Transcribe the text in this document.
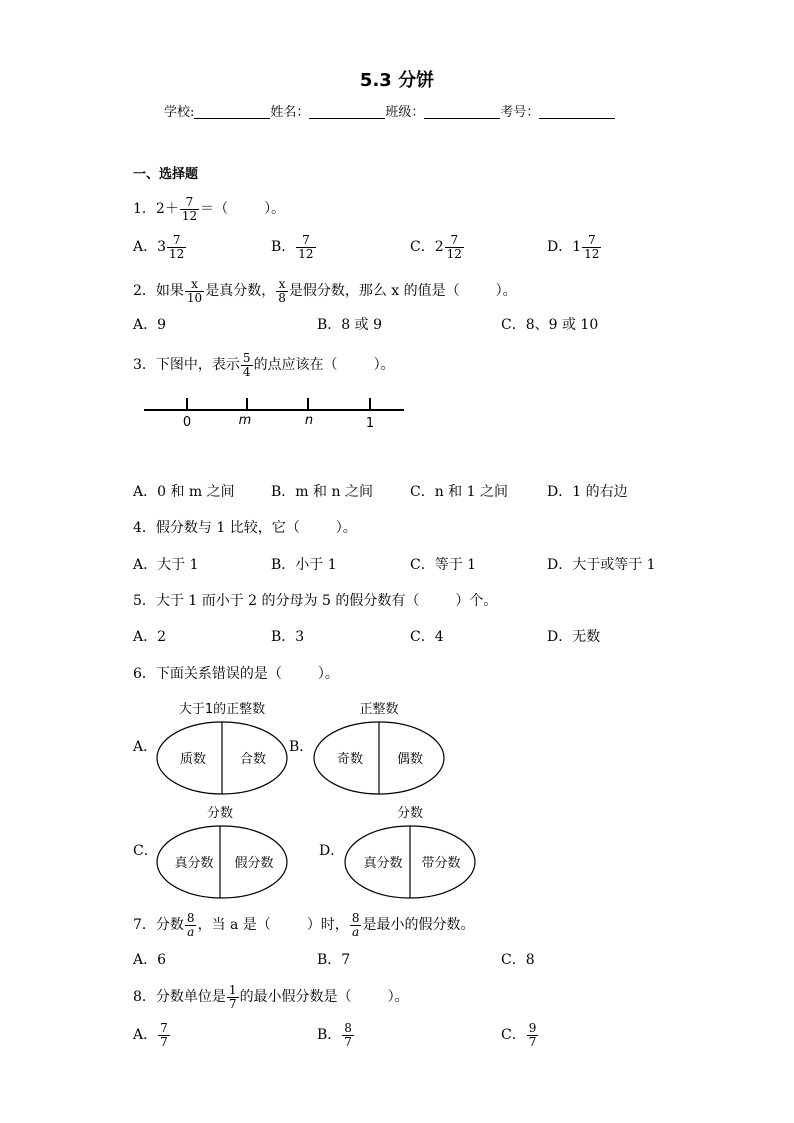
5.3 分饼
学校:	姓名：	班级：	考号：
一、选择题
1． $2+ \frac{7}{12}$ ＝（	）。
A． $3 \frac{7}{12}$	B． $\frac{7}{12}$	C． $2 \frac{7}{12}$	D． $1 \frac{7}{12}$
2． 如果 $\frac{x}{10}$ 是真分数， $\frac{x}{8}$ 是假分数，那么 x 的值是（	）。
A． 9	B． 8 或 9	C． 8、9 或 10
3． 下图中，表示 $\frac{5}{4}$ 的点应该在（	）。
0	m	n	1
A． 0 和 m 之间	B． m 和 n 之间	C． n 和 1 之间	D． 1 的右边
4． 假分数与 1 比较，它（	）。
A． 大于 1	B． 小于 1	C． 等于 1	D． 大于或等于 1
5． 大于 1 而小于 2 的分母为 5 的假分数有（	）个。
A． 2	B． 3	C． 4	D． 无数
6． 下面关系错误的是（	）。
A．
大于1的正整数
质数	合数
B．
正整数
奇数	偶数
C．
分数
真分数 假分数
D．
分数
真分数 带分数
7． 分数 $\frac{8}{a}$ ，当 a 是（	）时， $\frac{8}{a}$ 是最小的假分数。
A． 6	B． 7	C． 8
8． 分数单位是 $\frac{1}{7}$ 的最小假分数是（	）。
A． $\frac{7}{7}$	B． $\frac{8}{7}$	C． $\frac{9}{7}$
